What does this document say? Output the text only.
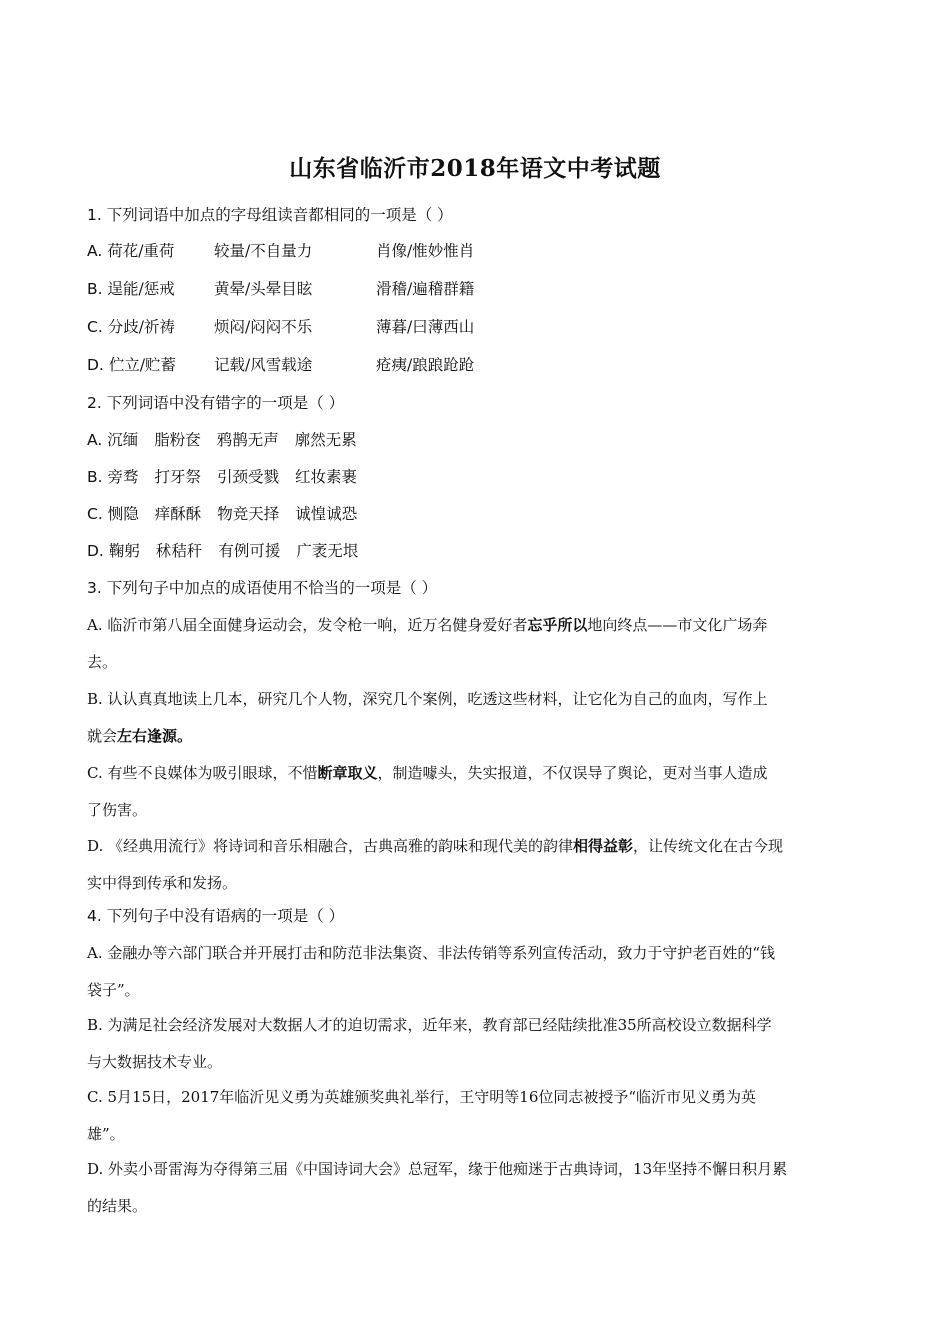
山东省临沂市2018年语文中考试题
1. 下列词语中加点的字母组读音都相同的一项是（ ）
A. 荷花/重荷	较量/不自量力	肖像/惟妙惟肖
B. 逞能/惩戒	黄晕/头晕目眩	滑稽/遍稽群籍
C. 分歧/祈祷	烦闷/闷闷不乐	薄暮/曰薄西山
D. 伫立/贮蓄 记载/风雪载途	疮痍/踉踉跄跄
2. 下列词语中没有错字的一项是（ ）
A. 沉缅 脂粉奁 鸦鹊无声 廓然无累
B. 旁骛 打牙祭 引颈受戮 红妆素裹
C. 恻隐 痒酥酥 物竞天择 诚惶诚恐
D. 鞠躬 秫秸秆 有例可援 广袤无垠
3. 下列句子中加点的成语使用不恰当的一项是（ ）
A. 临沂市第八届全面健身运动会，发令枪一响，近万名健身爱好者忘乎所以地向终点——市文化广场奔
去。
B. 认认真真地读上几本，研究几个人物，深究几个案例，吃透这些材料，让它化为自己的血肉，写作上
就会左右逢源。
C. 有些不良媒体为吸引眼球，不惜断章取义，制造噱头，失实报道，不仅误导了舆论，更对当事人造成
了伤害。
D. 《经典用流行》将诗词和音乐相融合，古典高雅的韵味和现代美的韵律相得益彰，让传统文化在古今现
实中得到传承和发扬。
4. 下列句子中没有语病的一项是（ ）
A. 金融办等六部门联合并开展打击和防范非法集资、非法传销等系列宣传活动，致力于守护老百姓的“钱
袋子”。
B. 为满足社会经济发展对大数据人才的迫切需求，近年来，教育部已经陆续批准35所高校设立数据科学
与大数据技术专业。
C. 5月15日，2017年临沂见义勇为英雄颁奖典礼举行，王守明等16位同志被授予“临沂市见义勇为英
雄”。
D. 外卖小哥雷海为夺得第三届《中国诗词大会》总冠军，缘于他痴迷于古典诗词，13年坚持不懈日积月累
的结果。
